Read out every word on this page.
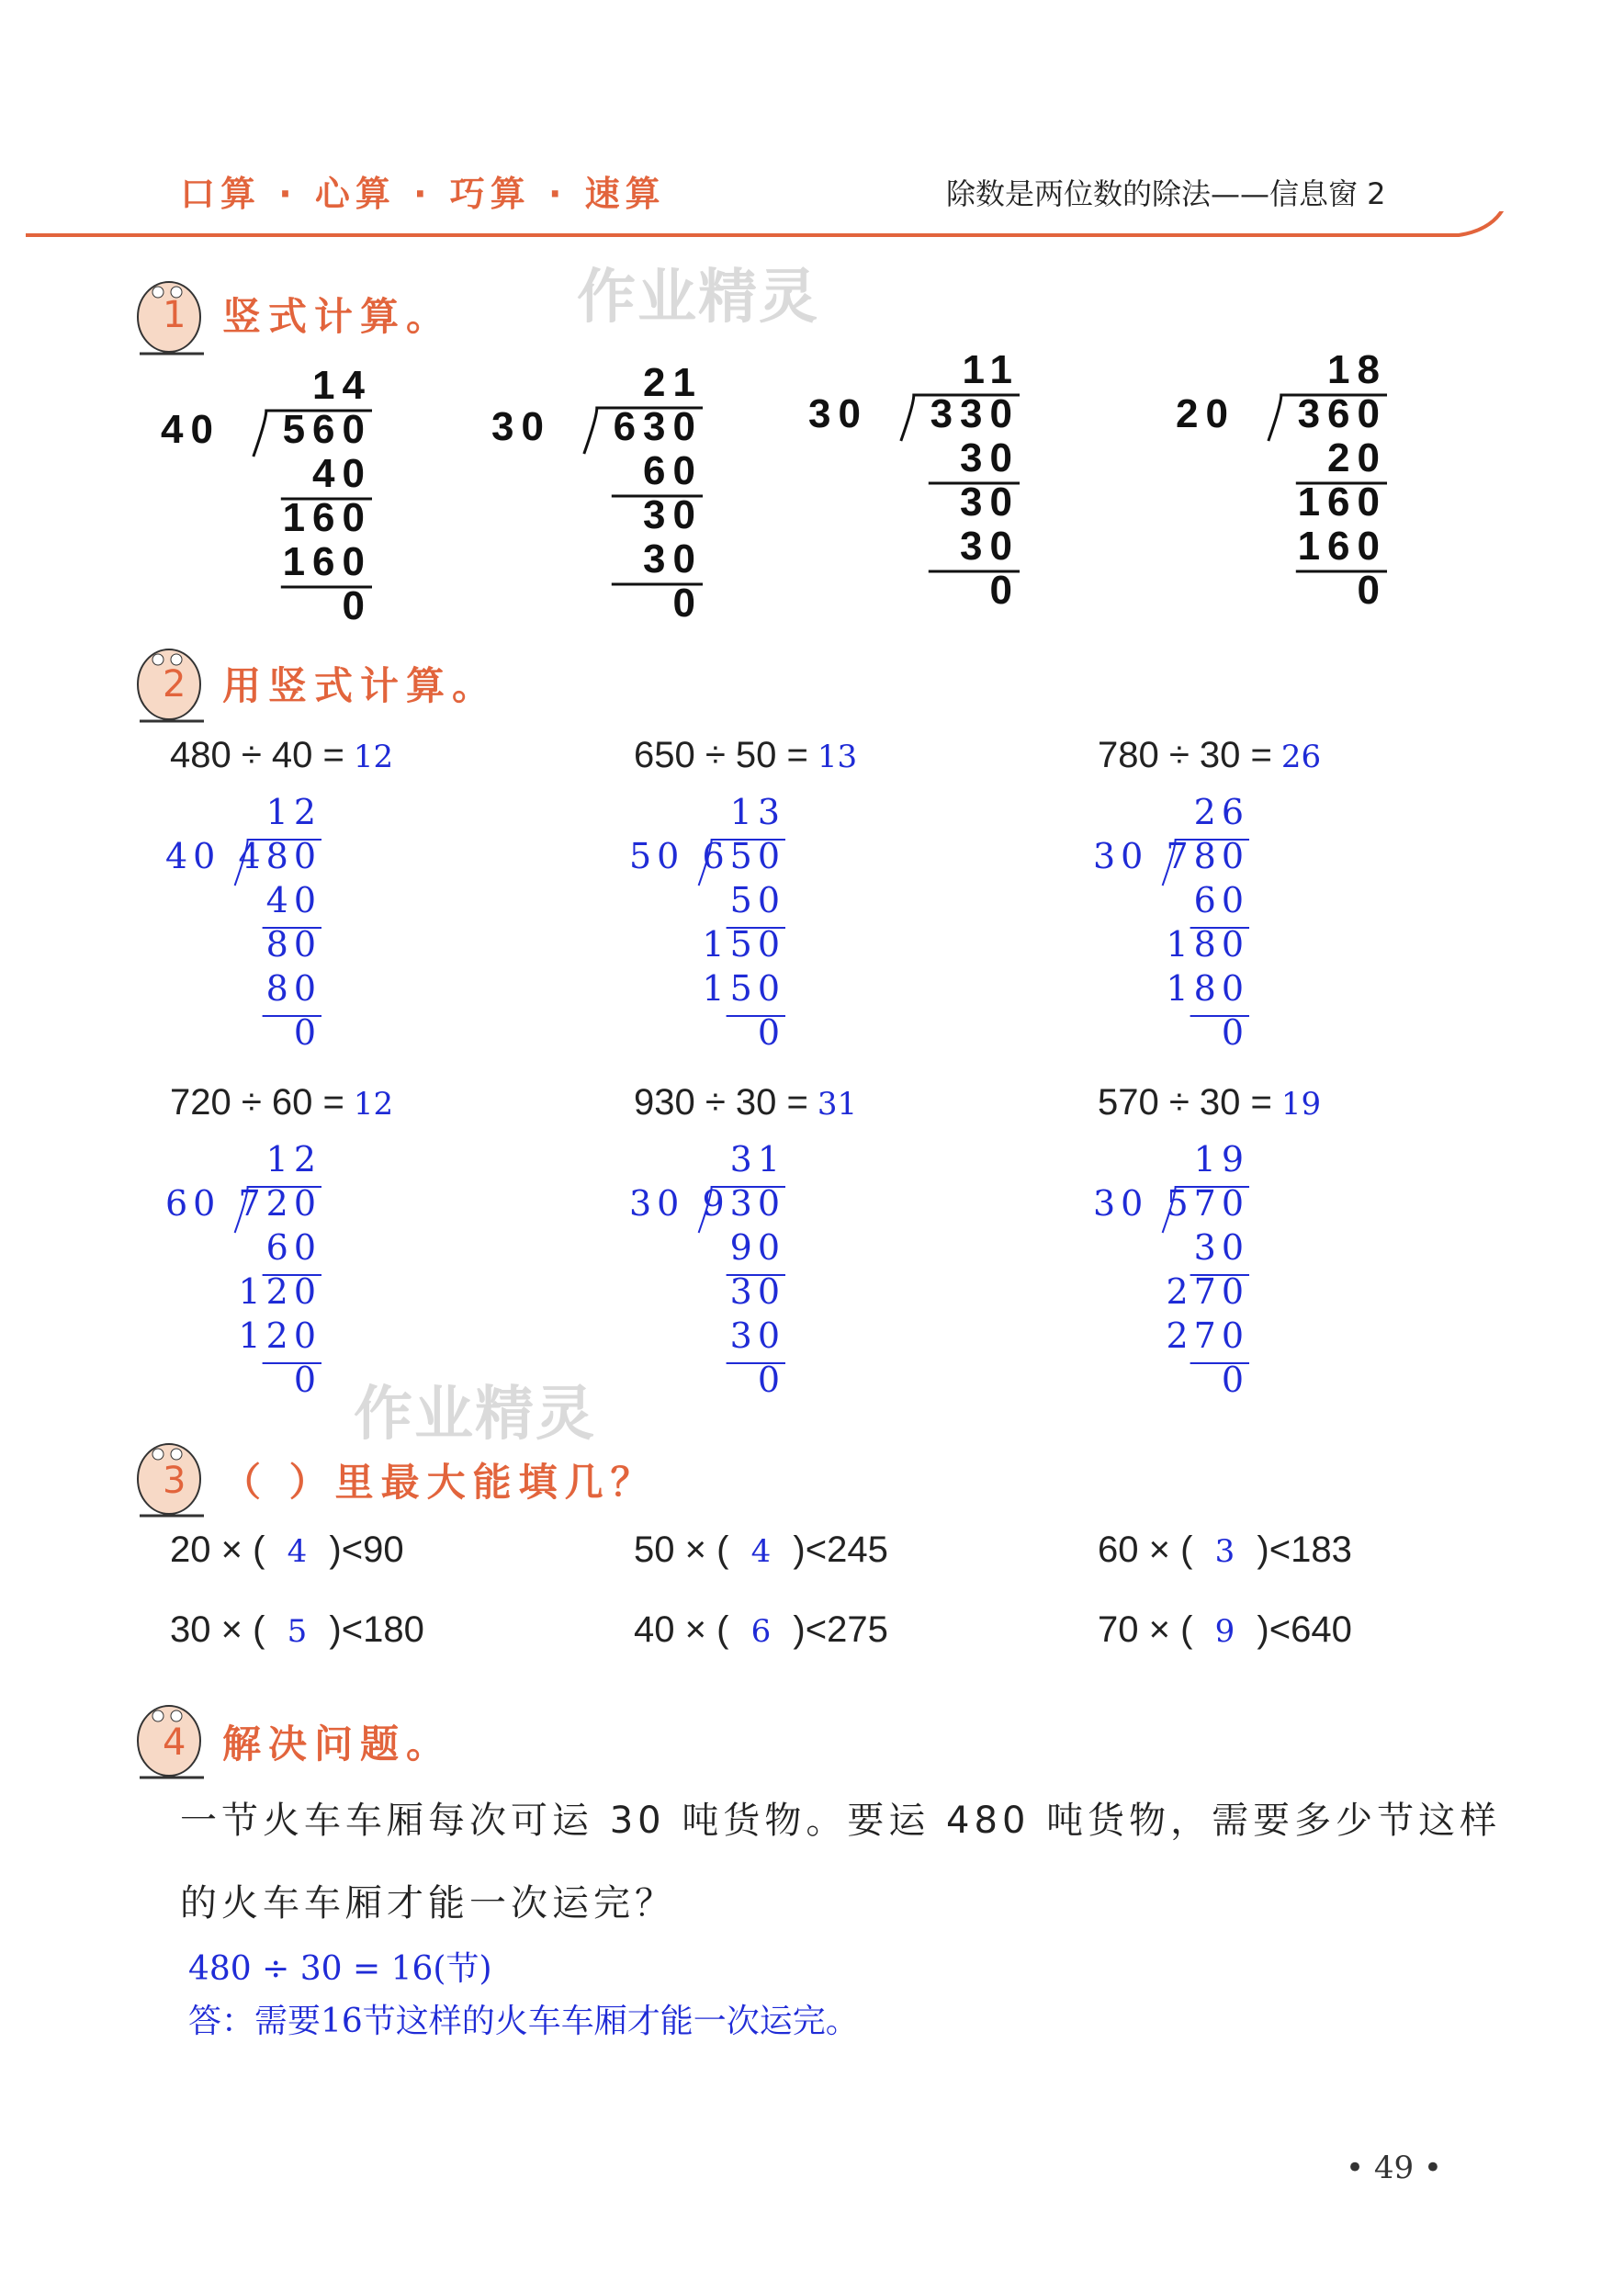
口算 · 心算 · 巧算 · 速算	除数是两位数的除法——信息窗 2
作业精灵
作业精灵
1 竖式计算。
2 用竖式计算。
3 （ ）里最大能填几？
4 解决问题。
14
560
40
40
160
160
0
21
630
30
60
30
30
0
11
330
30
30
30
30
0
18
360
20
20
160
160
0
480 ÷ 40 = 12
12
480
40
40
80
80
0
650 ÷ 50 = 13
13
650
50
50
150
150
0
780 ÷ 30 = 26
26
780
30
60
180
180
0
720 ÷ 60 = 12
12
720
60
60
120
120
0
930 ÷ 30 = 31
31
930
30
90
30
30
0
570 ÷ 30 = 19
19
570
30
30
270
270
0
20 × ( 4 )<90	50 × ( 4 )<245	60 × ( 3 )<183
30 × ( 5 )<180	40 × ( 6 )<275	70 × ( 9 )<640
一节火车车厢每次可运 30 吨货物。要运 480 吨货物，需要多少节这样
的火车车厢才能一次运完？
480 ÷ 30 = 16(节)
答：需要16节这样的火车车厢才能一次运完。
• 49 •
